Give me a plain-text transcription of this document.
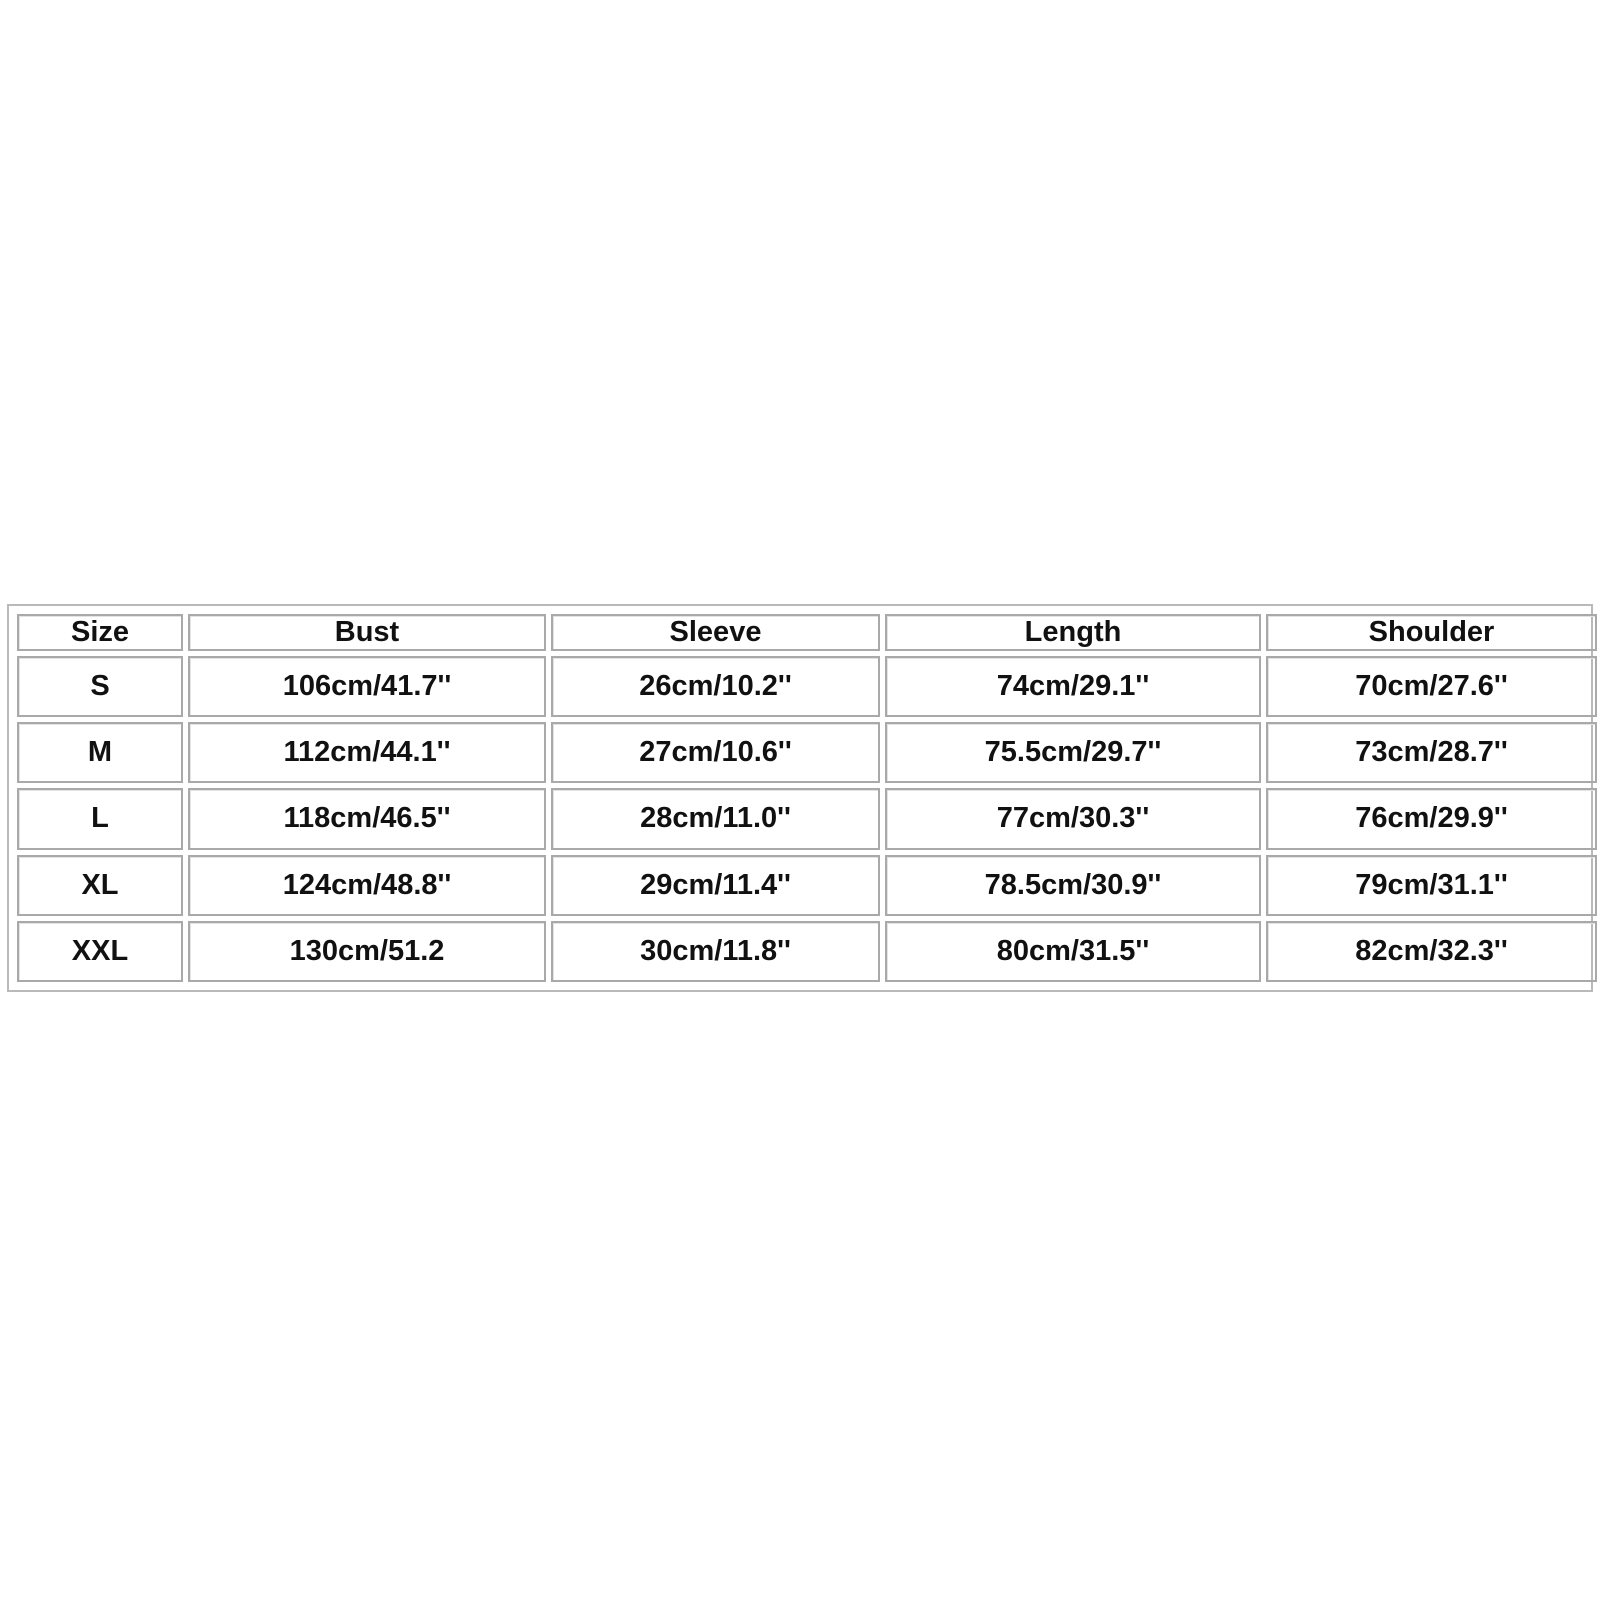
Size	Bust	Sleeve	Length	Shoulder
S	106cm/41.7''	26cm/10.2''	74cm/29.1''	70cm/27.6''
M	112cm/44.1''	27cm/10.6''	75.5cm/29.7''	73cm/28.7''
L	118cm/46.5''	28cm/11.0''	77cm/30.3''	76cm/29.9''
XL	124cm/48.8''	29cm/11.4''	78.5cm/30.9''	79cm/31.1''
XXL	130cm/51.2	30cm/11.8''	80cm/31.5''	82cm/32.3''
